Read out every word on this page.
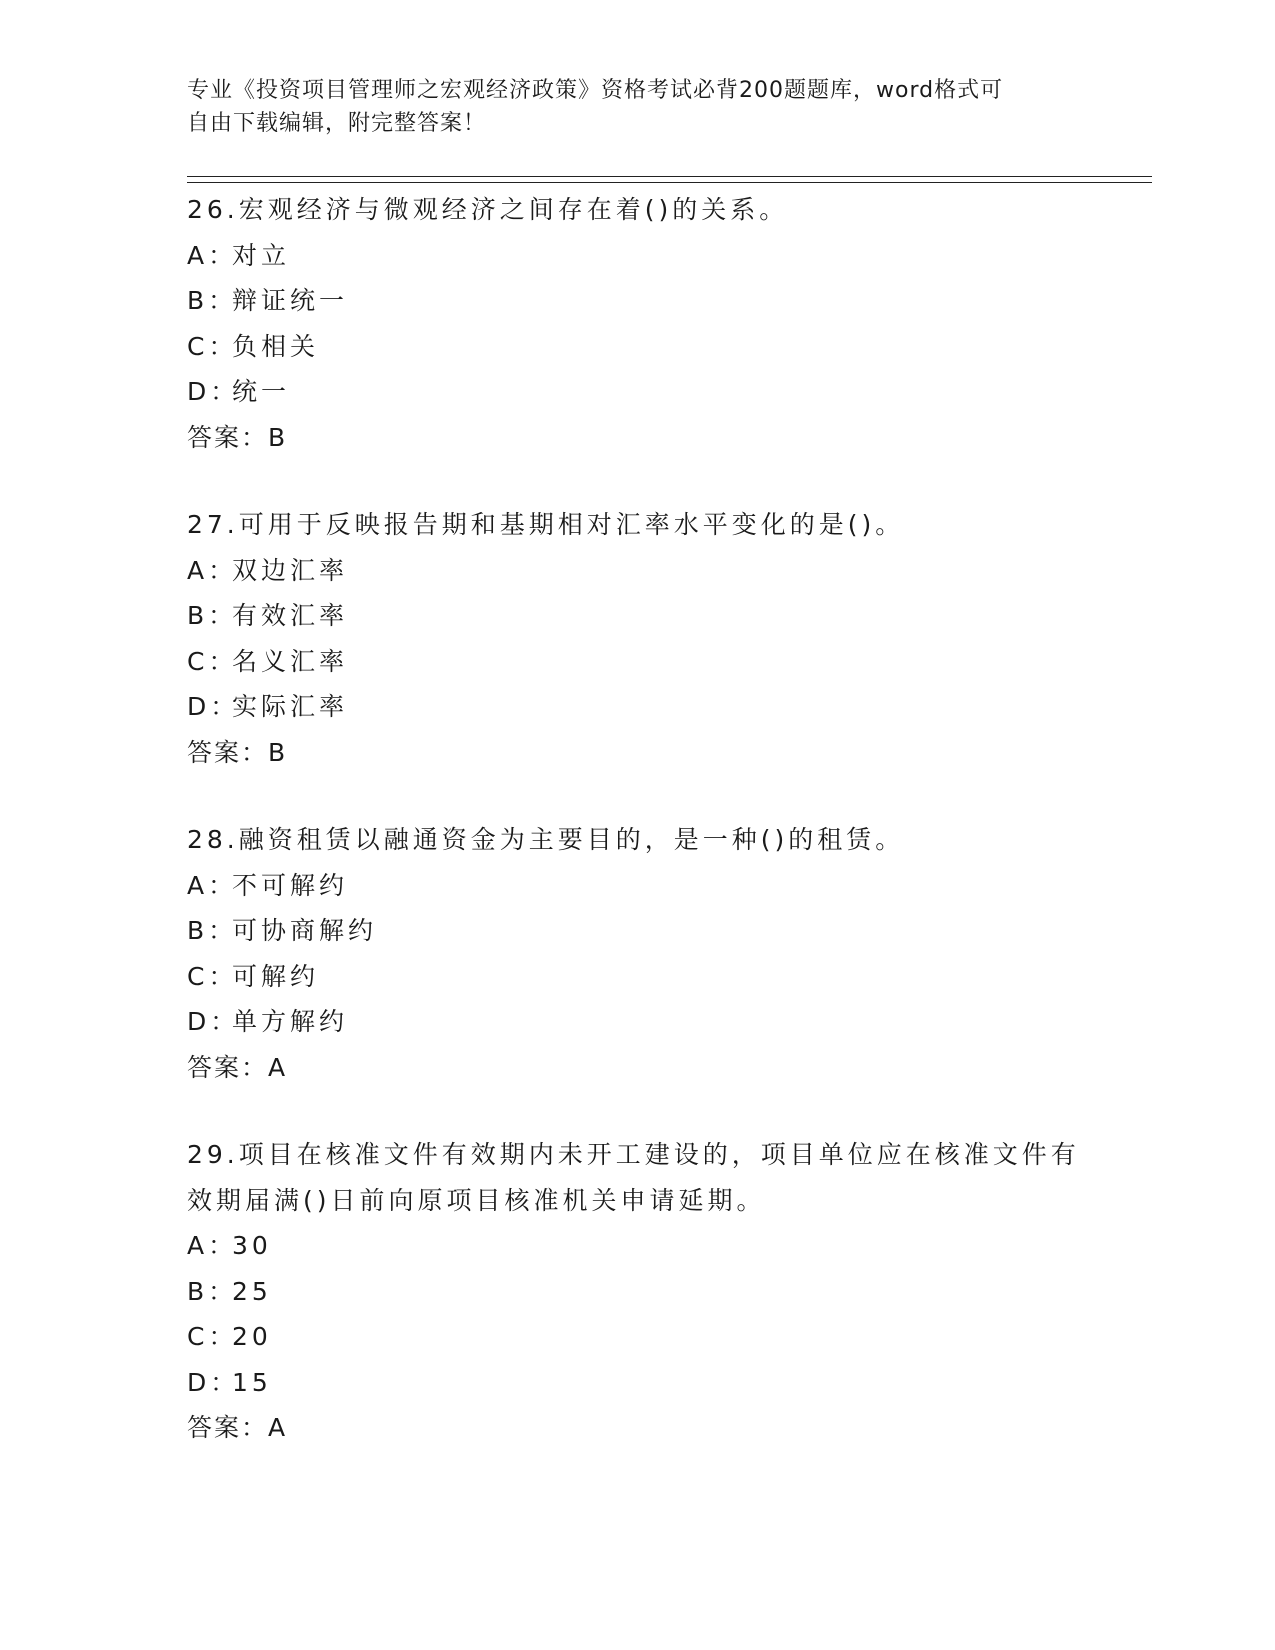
专业《投资项目管理师之宏观经济政策》资格考试必背200题题库，word格式可
自由下载编辑，附完整答案！

26.宏观经济与微观经济之间存在着()的关系。

A：对立

B：辩证统一

C：负相关

D：统一

答案：B

27.可用于反映报告期和基期相对汇率水平变化的是()。

A：双边汇率

B：有效汇率

C：名义汇率

D：实际汇率

答案：B

28.融资租赁以融通资金为主要目的，是一种()的租赁。

A：不可解约

B：可协商解约

C：可解约

D：单方解约

答案：A

29.项目在核准文件有效期内未开工建设的，项目单位应在核准文件有

效期届满()日前向原项目核准机关申请延期。

A：30

B：25

C：20

D：15

答案：A
